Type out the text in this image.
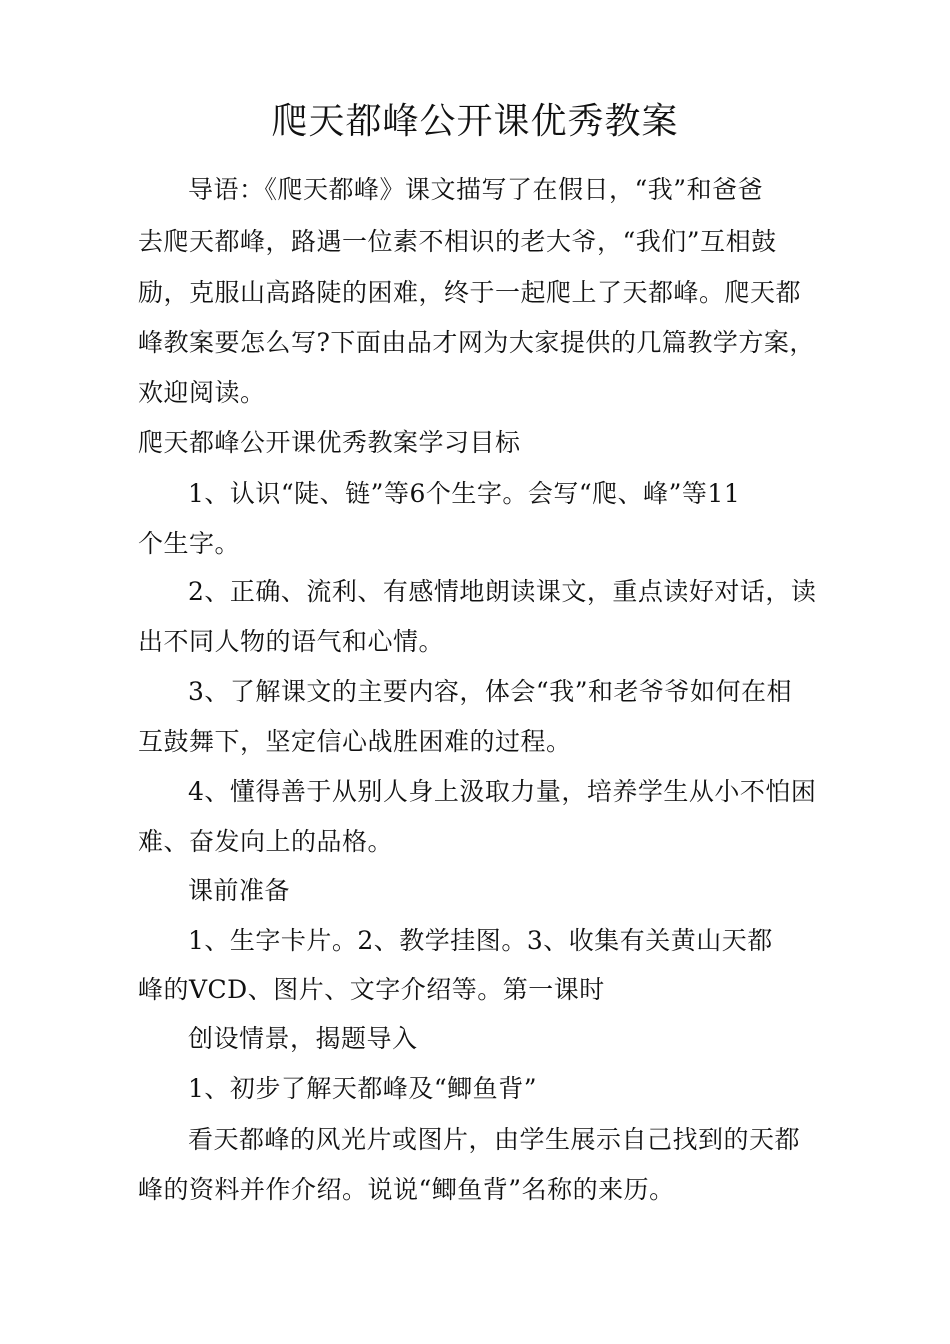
爬天都峰公开课优秀教案
导语：《爬天都峰》课文描写了在假日，“我”和爸爸
去爬天都峰，路遇一位素不相识的老大爷，“我们”互相鼓
励，克服山高路陡的困难，终于一起爬上了天都峰。爬天都
峰教案要怎么写?下面由品才网为大家提供的几篇教学方案，
欢迎阅读。
爬天都峰公开课优秀教案学习目标
1、认识“陡、链”等6个生字。会写“爬、峰”等11
个生字。
2、正确、流利、有感情地朗读课文，重点读好对话，读
出不同人物的语气和心情。
3、了解课文的主要内容，体会“我”和老爷爷如何在相
互鼓舞下，坚定信心战胜困难的过程。
4、懂得善于从别人身上汲取力量，培养学生从小不怕困
难、奋发向上的品格。
课前准备
1、生字卡片。2、教学挂图。3、收集有关黄山天都
峰的VCD、图片、文字介绍等。第一课时
创设情景，揭题导入
1、初步了解天都峰及“鲫鱼背”
看天都峰的风光片或图片，由学生展示自己找到的天都
峰的资料并作介绍。说说“鲫鱼背”名称的来历。
